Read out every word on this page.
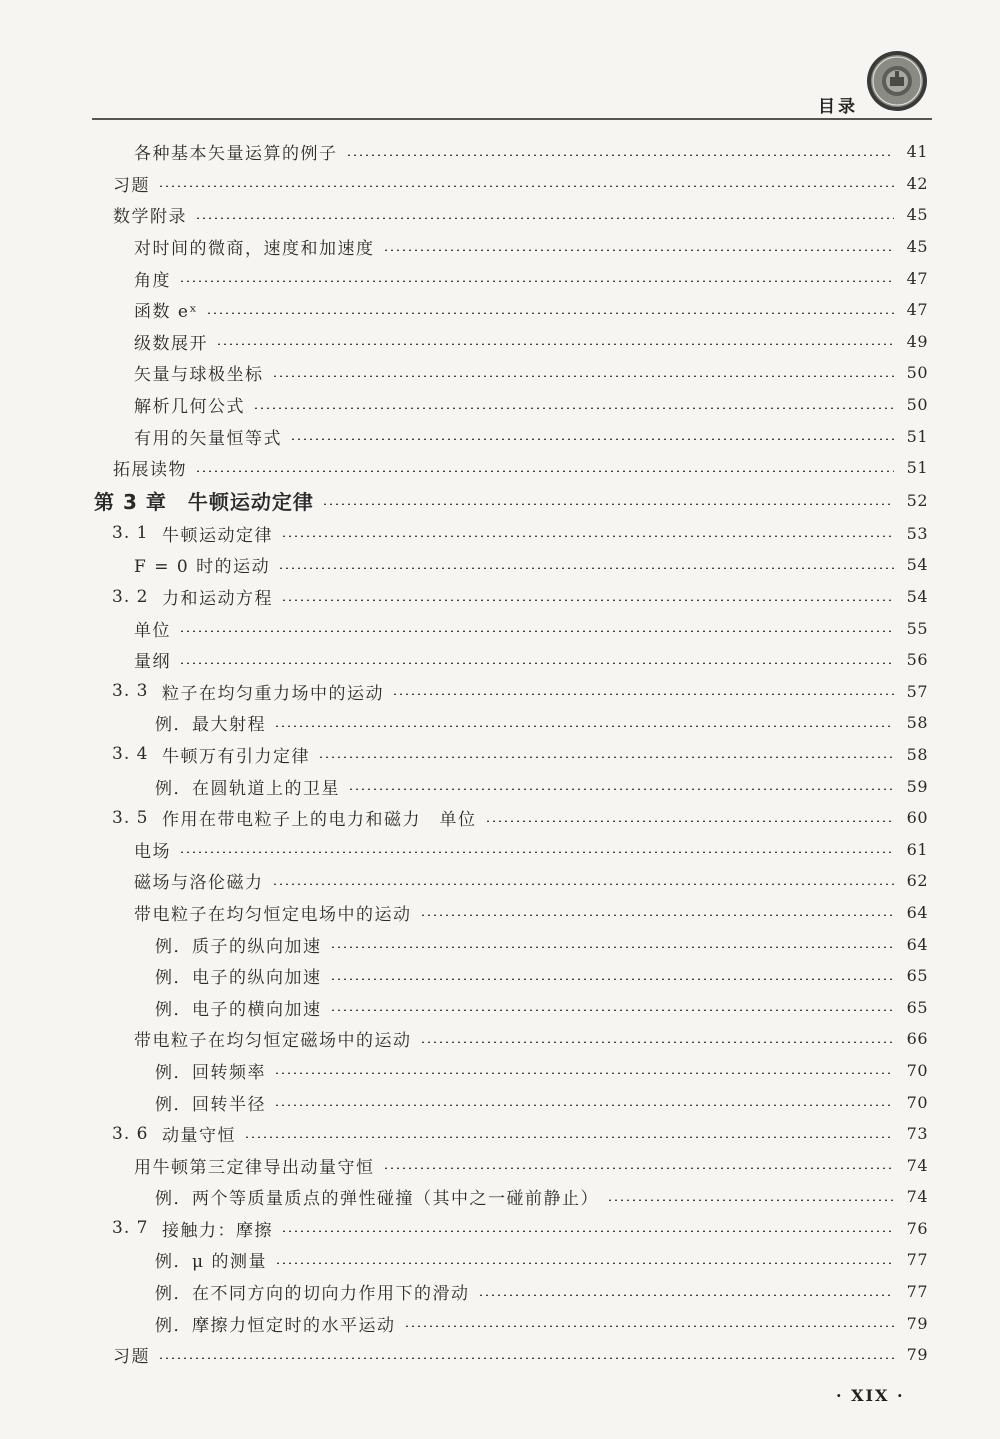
目录
各种基本矢量运算的例子	41
习题	42
数学附录	45
对时间的微商，速度和加速度	45
角度	47
函数 eˣ	47
级数展开	49
矢量与球极坐标	50
解析几何公式	50
有用的矢量恒等式	51
拓展读物	51
第 3 章　牛顿运动定律	52
3. 1 牛顿运动定律	53
F = 0 时的运动	54
3. 2 力和运动方程	54
单位	55
量纲	56
3. 3 粒子在均匀重力场中的运动	57
例．最大射程	58
3. 4 牛顿万有引力定律	58
例．在圆轨道上的卫星	59
3. 5 作用在带电粒子上的电力和磁力　单位	60
电场	61
磁场与洛伦磁力	62
带电粒子在均匀恒定电场中的运动	64
例．质子的纵向加速	64
例．电子的纵向加速	65
例．电子的横向加速	65
带电粒子在均匀恒定磁场中的运动	66
例．回转频率	70
例．回转半径	70
3. 6 动量守恒	73
用牛顿第三定律导出动量守恒	74
例．两个等质量质点的弹性碰撞（其中之一碰前静止）	74
3. 7 接触力：摩擦	76
例．μ 的测量	77
例．在不同方向的切向力作用下的滑动	77
例．摩擦力恒定时的水平运动	79
习题	79
· XIX ·
